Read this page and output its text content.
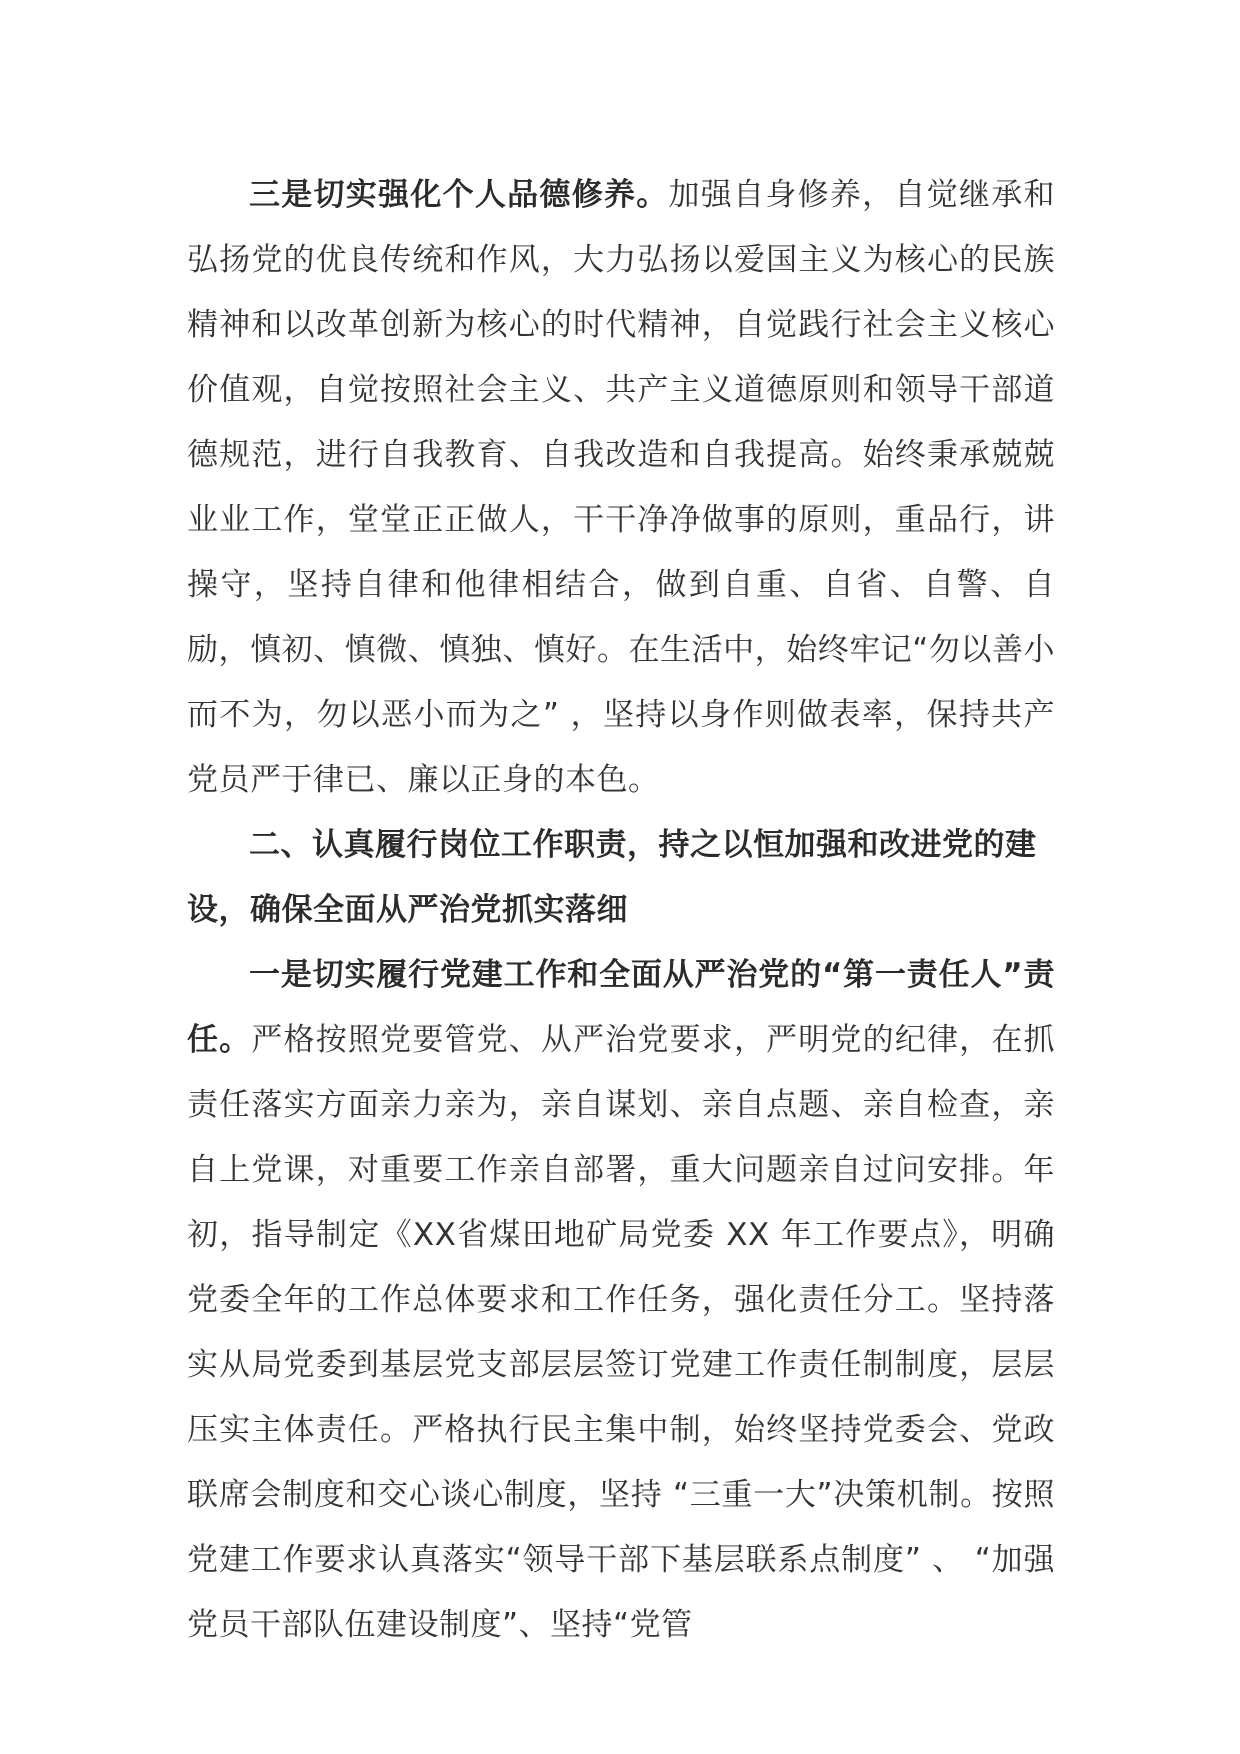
三是切实强化个人品德修养。加强自身修养，自觉继承和弘扬党的优良传统和作风，大力弘扬以爱国主义为核心的民族精神和以改革创新为核心的时代精神，自觉践行社会主义核心价值观，自觉按照社会主义、共产主义道德原则和领导干部道德规范，进行自我教育、自我改造和自我提高。始终秉承兢兢业业工作，堂堂正正做人，干干净净做事的原则，重品行，讲操守，坚持自律和他律相结合，做到自重、自省、自警、自励，慎初、慎微、慎独、慎好。在生活中，始终牢记“勿以善小而不为，勿以恶小而为之” ，坚持以身作则做表率，保持共产党员严于律已、廉以正身的本色。

二、认真履行岗位工作职责，持之以恒加强和改进党的建设，确保全面从严治党抓实落细

一是切实履行党建工作和全面从严治党的“第一责任人”责任。严格按照党要管党、从严治党要求，严明党的纪律，在抓责任落实方面亲力亲为，亲自谋划、亲自点题、亲自检查，亲自上党课，对重要工作亲自部署，重大问题亲自过问安排。年初，指导制定《XX省煤田地矿局党委 XX 年工作要点》，明确党委全年的工作总体要求和工作任务，强化责任分工。坚持落实从局党委到基层党支部层层签订党建工作责任制制度，层层压实主体责任。严格执行民主集中制，始终坚持党委会、党政联席会制度和交心谈心制度，坚持 “三重一大”决策机制。按照党建工作要求认真落实“领导干部下基层联系点制度” 、 “加强党员干部队伍建设制度”、坚持“党管
